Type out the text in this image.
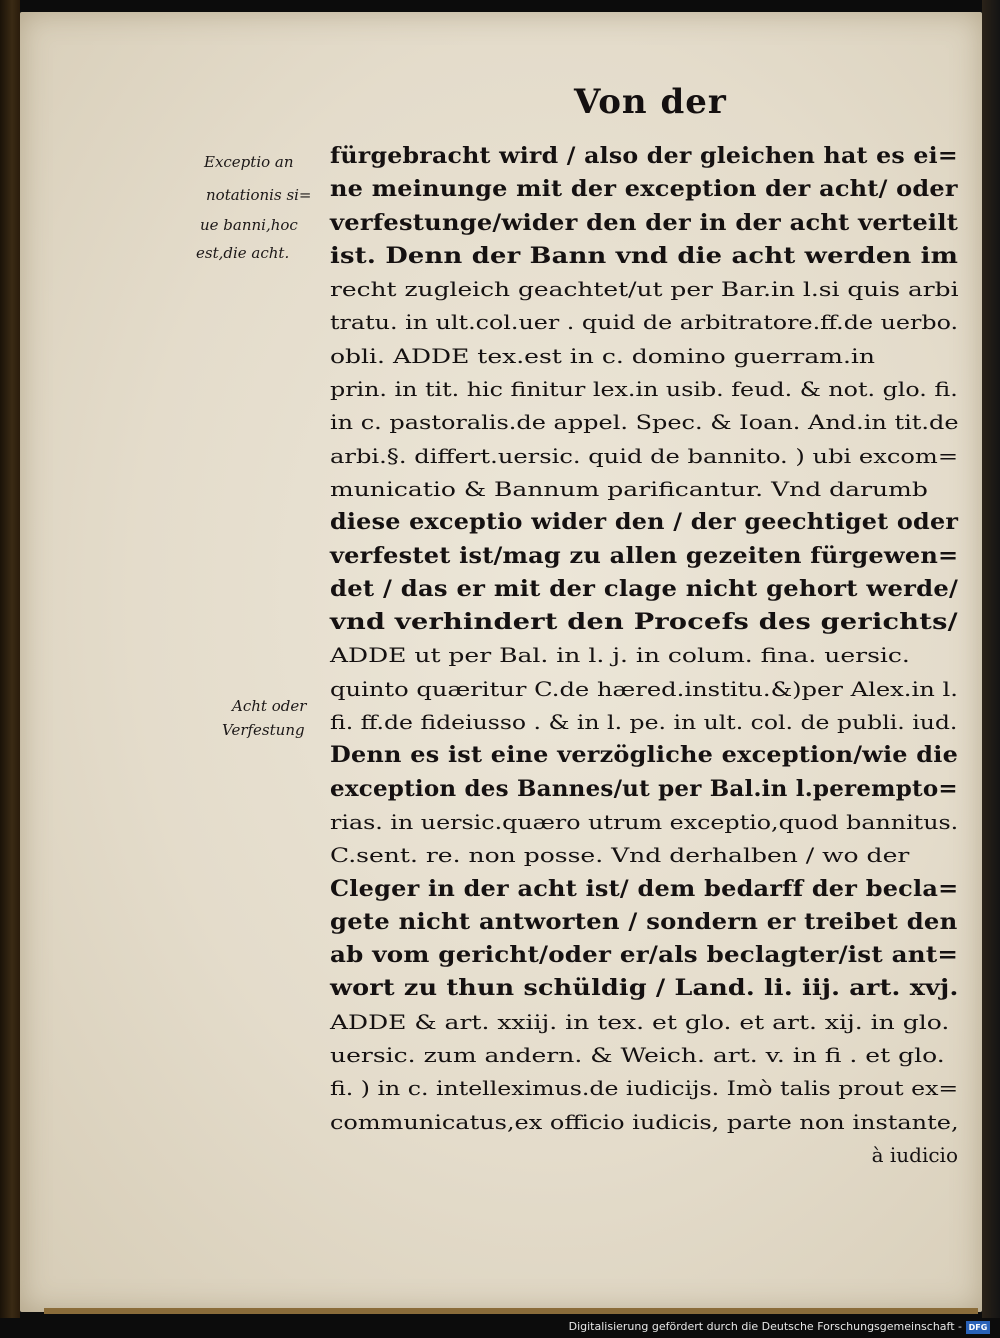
Von der
Exceptio an
notationis si=
ue banni,hoc
est,die acht.
Acht oder
Verfestung
fürgebracht wird / also der gleichen hat es ei=
ne meinunge mit der exception der acht/ oder
verfestunge/wider den der in der acht verteilt
ist. Denn der Bann vnd die acht werden im
recht zugleich geachtet/ut per Bar.in l.si quis arbi
tratu. in ult.col.uer . quid de arbitratore.ff.de uerbo.
obli. ADDE tex.est in c. domino guerram.in
prin. in tit. hic finitur lex.in usib. feud. & not. glo. fi.
in c. pastoralis.de appel. Spec. & Ioan. And.in tit.de
arbi.§. differt.uersic. quid de bannito. ) ubi excom=
municatio & Bannum parificantur. Vnd darumb
diese exceptio wider den / der geechtiget oder
verfestet ist/mag zu allen gezeiten fürgewen=
det / das er mit der clage nicht gehort werde/
vnd verhindert den Procefs des gerichts/
ADDE ut per Bal. in l. j. in colum. fina. uersic.
quinto quæritur C.de hæred.institu.&)per Alex.in l.
fi. ff.de fideiusso . & in l. pe. in ult. col. de publi. iud.
Denn es ist eine verzögliche exception/wie die
exception des Bannes/ut per Bal.in l.perempto=
rias. in uersic.quæro utrum exceptio,quod bannitus.
C.sent. re. non posse. Vnd derhalben / wo der
Cleger in der acht ist/ dem bedarff der becla=
gete nicht antworten / sondern er treibet den
ab vom gericht/oder er/als beclagter/ist ant=
wort zu thun schüldig / Land. li. iij. art. xvj.
ADDE & art. xxiij. in tex. et glo. et art. xij. in glo.
uersic. zum andern. & Weich. art. v. in fi . et glo.
fi. ) in c. intelleximus.de iudicijs. Imò talis prout ex=
communicatus,ex officio iudicis, parte non instante,
à iudicio
Digitalisierung gefördert durch die Deutsche Forschungsgemeinschaft - DFG
